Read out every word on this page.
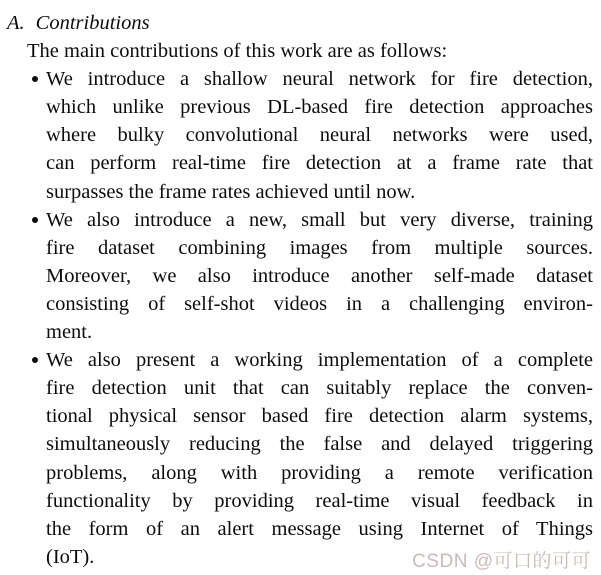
A. Contributions
The main contributions of this work are as follows:
We introduce a shallow neural network for fire detection,
which unlike previous DL-based fire detection approaches
where bulky convolutional neural networks were used,
can perform real-time fire detection at a frame rate that
surpasses the frame rates achieved until now.
We also introduce a new, small but very diverse, training
fire dataset combining images from multiple sources.
Moreover, we also introduce another self-made dataset
consisting of self-shot videos in a challenging environ-
ment.
We also present a working implementation of a complete
fire detection unit that can suitably replace the conven-
tional physical sensor based fire detection alarm systems,
simultaneously reducing the false and delayed triggering
problems, along with providing a remote verification
functionality by providing real-time visual feedback in
the form of an alert message using Internet of Things
(IoT).	CSDN @可口的可可
